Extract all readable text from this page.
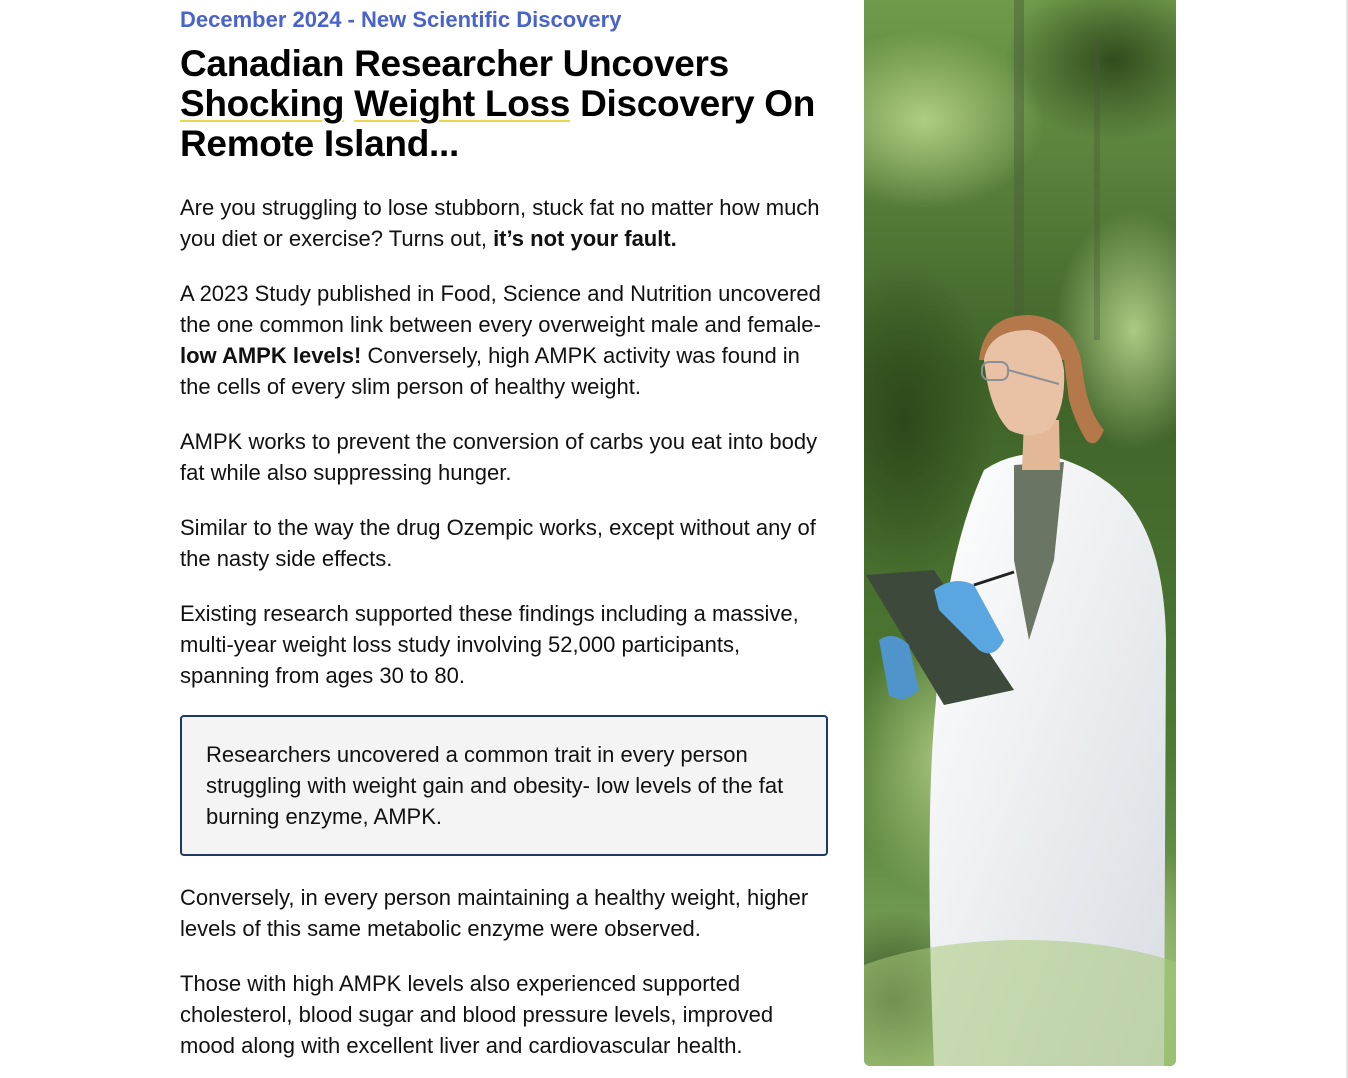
December 2024 - New Scientific Discovery

Canadian Researcher Uncovers
Shocking Weight Loss Discovery On
Remote Island...

Are you struggling to lose stubborn, stuck fat no matter how much you diet or exercise? Turns out, it’s not your fault.

A 2023 Study published in Food, Science and Nutrition uncovered the one common link between every overweight male and female- low AMPK levels! Conversely, high AMPK activity was found in the cells of every slim person of healthy weight.

AMPK works to prevent the conversion of carbs you eat into body fat while also suppressing hunger.

Similar to the way the drug Ozempic works, except without any of the nasty side effects.

Existing research supported these findings including a massive, multi-year weight loss study involving 52,000 participants, spanning from ages 30 to 80.

Researchers uncovered a common trait in every person struggling with weight gain and obesity- low levels of the fat burning enzyme, AMPK.

Conversely, in every person maintaining a healthy weight, higher levels of this same metabolic enzyme were observed.

Those with high AMPK levels also experienced supported cholesterol, blood sugar and blood pressure levels, improved mood along with excellent liver and cardiovascular health.
